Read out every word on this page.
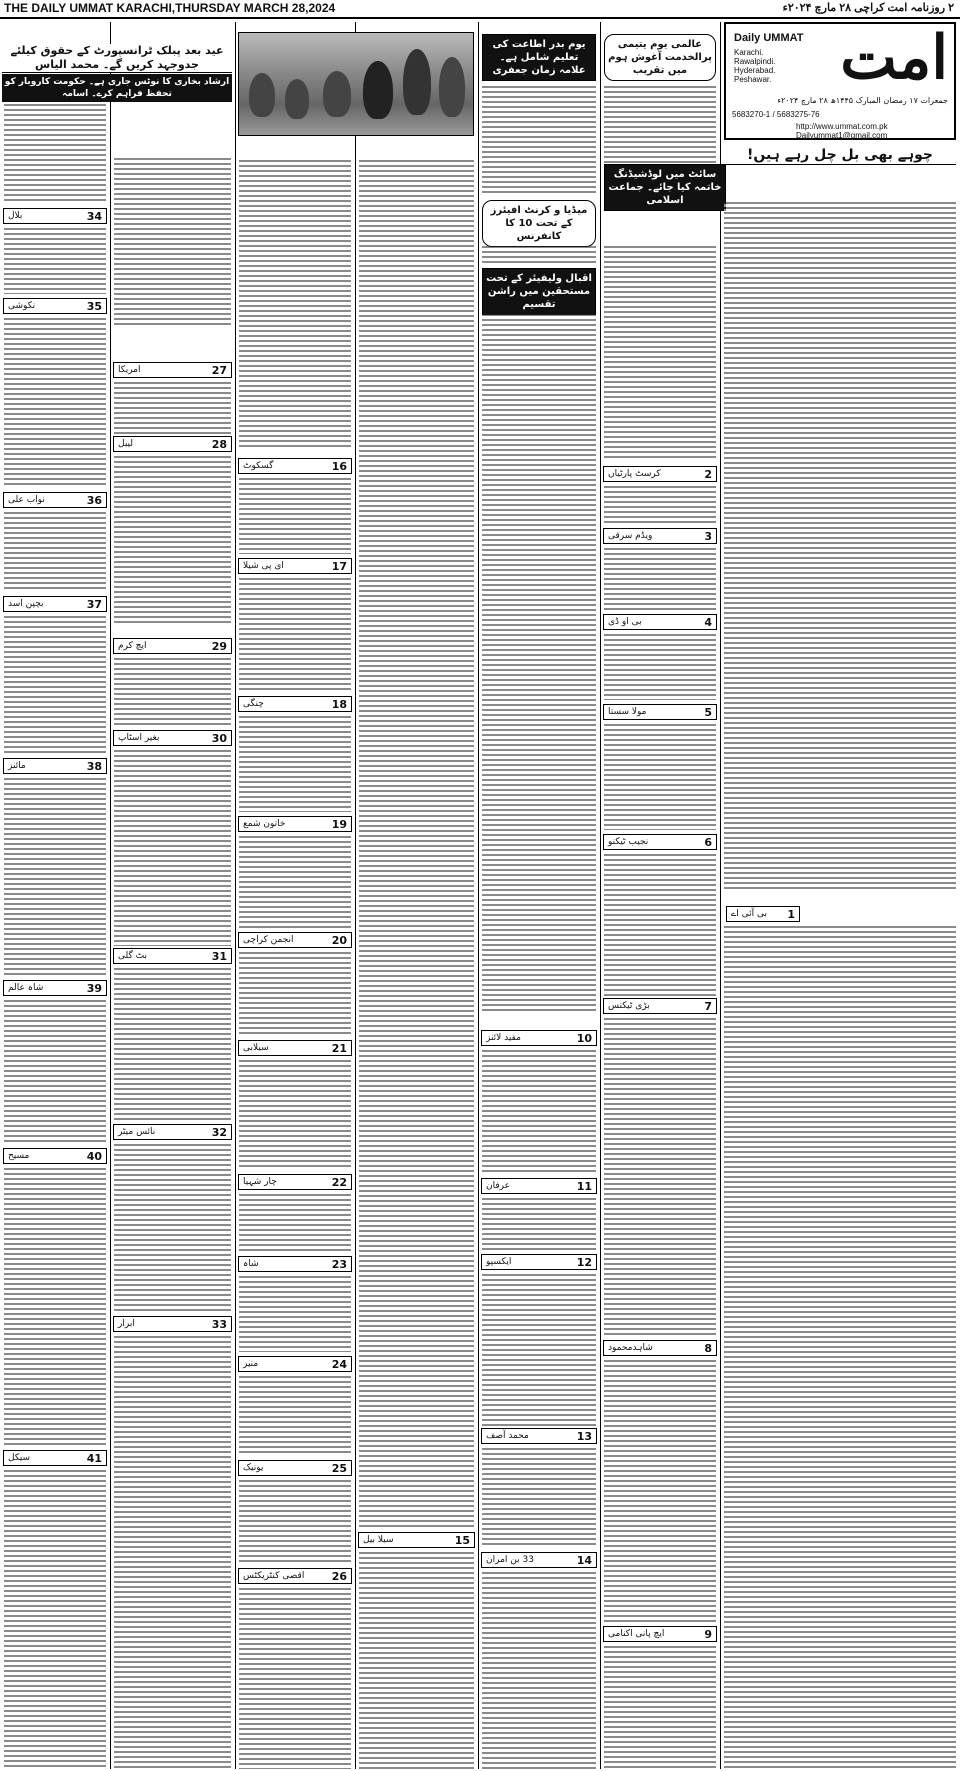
THE DAILY UMMAT KARACHI,THURSDAY MARCH 28,2024	۲ روزنامہ امت کراچی ۲۸ مارچ ۲۰۲۴ء
34
بلال
35
نکوشی
36
نواب علی
37
بچپن اسد
38
مائنز
39
شاہ عالم
40
مسیح
41
سیکل
27
امریکا
28
لیبل
29
ایچ کرم
30
بغیر اسٹاپ
31
بٹ گلی
32
نائس میٹر
33
ابرار
عید بعد پبلک ٹرانسپورٹ کے حقوق کیلئے جدوجہد کریں گے۔ محمد الیاس
ارشاد بخاری کا نوٹس جاری ہے۔ حکومت کاروبار کو تحفظ فراہم کرے۔ اسامہ
16
گسکوٹ
17
ای پی شیلا
18
چنگی
19
خاتون شمع
20
انجمن کراچی
21
سیلابی
22
چار شہیا
23
شاہ
24
منیر
25
یونیک
26
اقصی کنٹریکٹس
15
سیلا بیل
یوم بدر اطاعت کی تعلیم شامل ہے۔ علامہ زمان جعفری
میڈیا و کرنٹ افیئرز کے تحت 10 کا کانفرنس
اقبال ولیفیئر کے تحت مستحقین میں راشن تقسیم
10
مفید لائنز
11
عرفان
12
ایکسپو
13
محمد آصف
14
33 بن امران
عالمی یوم یتیمی پرالخدمت آغوش ہوم میں تقریب
2
کرسٹ پارٹیاں
3
ویڈم سرقی
4
بی او ڈی
5
مولا سستا
6
نجیب ٹیکنو
7
بڑی ٹیکنس
8
شاہدمحمود
9
ایچ پانی اکنامی
سائٹ میں لوڈشیڈنگ خاتمہ کیا جائے۔ جماعت اسلامی
1
بی آئی اے
امت
Daily UMMAT
Karachi. Rawalpindi. Hyderabad. Peshawar.
جمعرات ۱۷ رمضان المبارک ۱۴۴۵ھ ۲۸ مارچ ۲۰۲۴ء
5683270-1 / 5683275-76
http://www.ummat.com.pk
Dailyummat1@gmail.com
چوہے بھی بل چل رہے ہیں!
